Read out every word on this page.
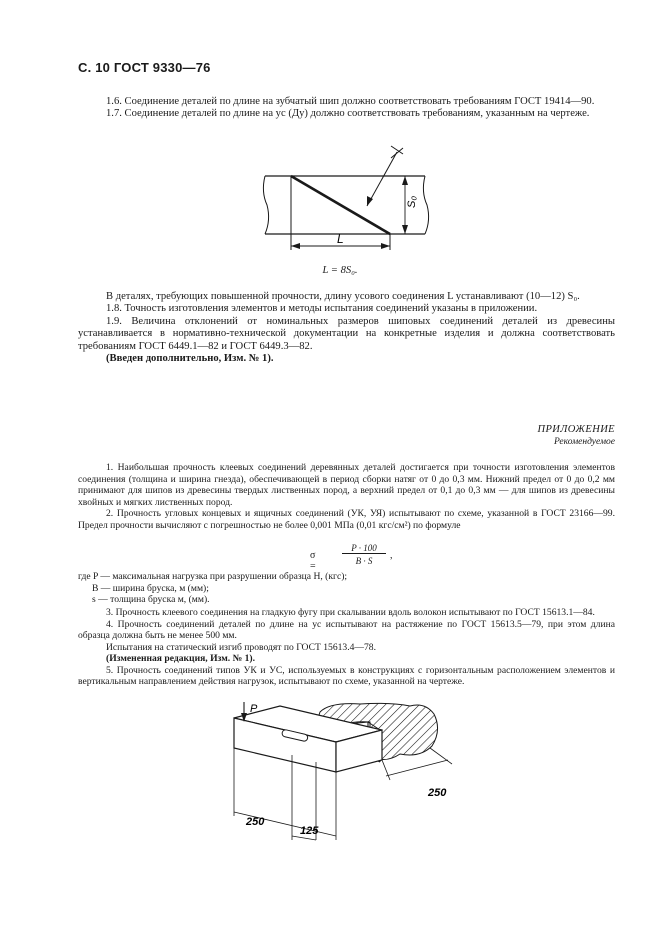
С. 10 ГОСТ 9330—76

1.6. Соединение деталей по длине на зубчатый шип должно соответствовать требованиям ГОСТ 19414—90.

1.7. Соединение деталей по длине на ус (Ду) должно соответствовать требованиям, указанным на чертеже.

S₀
L
L = 8S₀.

В деталях, требующих повышенной прочности, длину усового соединения L устанавливают (10—12) S₀.

1.8. Точность изготовления элементов и методы испытания соединений указаны в приложении.

1.9. Величина отклонений от номинальных размеров шиповых соединений деталей из древесины устанавливается в нормативно-технической документации на конкретные изделия и должна соответствовать требованиям ГОСТ 6449.1—82 и ГОСТ 6449.3—82.

(Введен дополнительно, Изм. № 1).

ПРИЛОЖЕНИЕ
Рекомендуемое

1. Наибольшая прочность клеевых соединений деревянных деталей достигается при точности изготовления элементов соединения (толщина и ширина гнезда), обеспечивающей в период сборки натяг от 0 до 0,3 мм. Нижний предел от 0 до 0,2 мм принимают для шипов из древесины твердых лиственных пород, а верхний предел от 0,1 до 0,3 мм — для шипов из древесины хвойных и мягких лиственных пород.

2. Прочность угловых концевых и ящичных соединений (УК, УЯ) испытывают по схеме, указанной в ГОСТ 23166—99. Предел прочности вычисляют с погрешностью не более 0,001 МПа (0,01 кгс/см²) по формуле

σ =
P · 100
B · S	,
где P — максимальная нагрузка при разрушении образца Н, (кгс);
B — ширина бруска, м (мм);
s — толщина бруска м, (мм).

3. Прочность клеевого соединения на гладкую фугу при скалывании вдоль волокон испытывают по ГОСТ 15613.1—84.

4. Прочность соединений деталей по длине на ус испытывают на растяжение по ГОСТ 15613.5—79, при этом длина образца должна быть не менее 500 мм.

Испытания на статический изгиб проводят по ГОСТ 15613.4—78.

(Измененная редакция, Изм. № 1).

5. Прочность соединений типов УК и УС, используемых в конструкциях с горизонтальным расположением элементов и вертикальным направлением действия нагрузок, испытывают по схеме, указанной на чертеже.

P
250
125
250
